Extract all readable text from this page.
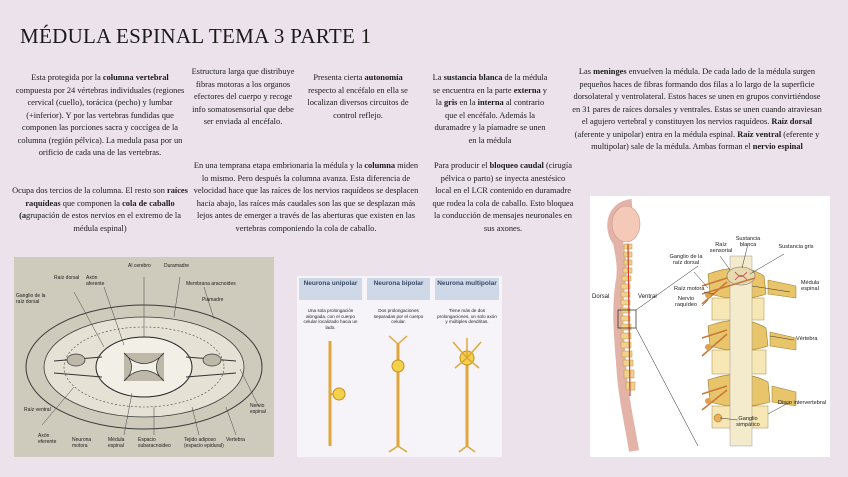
MÉDULA ESPINAL TEMA 3 PARTE 1
Esta protegida por la columna vertebral compuesta por 24 vértebras individuales (regiones cervical (cuello), torácica (pecho) y lumbar (+inferior). Y por las vertebras fundidas que componen las porciones sacra y coccígea de la columna (región pélvica). La medula pasa por un orificio de cada una de las vertebras.
Ocupa dos tercios de la columna. El resto son raíces raquídeas que componen la cola de caballo (agrupación de estos nervios en el extremo de la médula espinal)
Estructura larga que distribuye fibras motoras a los organos efectores del cuerpo y recoge info somatosensorial que debe ser enviada al encéfalo.
Presenta cierta autonomía respecto al encéfalo en ella se localizan diversos circuitos de control reflejo.
La sustancia blanca de la médula se encuentra en la parte externa y la gris en la interna al contrario que el encéfalo. Además la duramadre y la píamadre se unen en la médula
En una temprana etapa embrionaria la médula y la columna miden lo mismo. Pero después la columna avanza. Esta diferencia de velocidad hace que las raíces de los nervios raquídeos se desplacen hacia abajo, las raíces más caudales son las que se desplazan más lejos antes de emerger a través de las aberturas que existen en las vertebras componiendo la cola de caballo.
Para producir el bloqueo caudal (cirugía pélvica o parto) se inyecta anestésico local en el LCR contenido en duramadre que rodea la cola de caballo. Esto bloquea la conducción de mensajes neuronales en sus axones.
Las meninges envuelven la médula. De cada lado de la médula surgen pequeños haces de fibras formando dos filas a lo largo de la superficie dorsolateral y ventrolateral. Estos haces se unen en grupos convirtiéndose en 31 pares de raíces dorsales y ventrales. Estas se unen cuando atraviesan el agujero vertebral y constituyen los nervios raquídeos. Raíz dorsal (aferente y unipolar) entra en la médula espinal. Raíz ventral (eferente y multipolar) sale de la médula. Ambas forman el nervio espinal
Raíz dorsal	Axón aferente
Al cerebro	Duramadre
Membrana aracnoides
Ganglio de la raíz dorsal	Piamadre
Raíz ventral
Axón eferente	Neurona motora
Médula espinal
Espacio subaracnoideo
Tejido adiposo (espacio epidural)
Vertebra
Nervio espinal
Neurona unipolar	Neurona bipolar	Neurona multipolar
Una sola prolongación alongada, con el cuerpo celular localizado hacia un lado.
Dos prolongaciones separadas por el cuerpo celular.
Tiene más de dos prolongaciones, un solo axón y múltiples dendritas.
Sustancia blanca	Sustancia gris
Raíz sensorial
Ganglio de la raíz dorsal
Raíz motora
Nervio raquídeo
Médula espinal
Dorsal	Ventral
Vértebra
Disco intervertebral
Ganglio simpático
